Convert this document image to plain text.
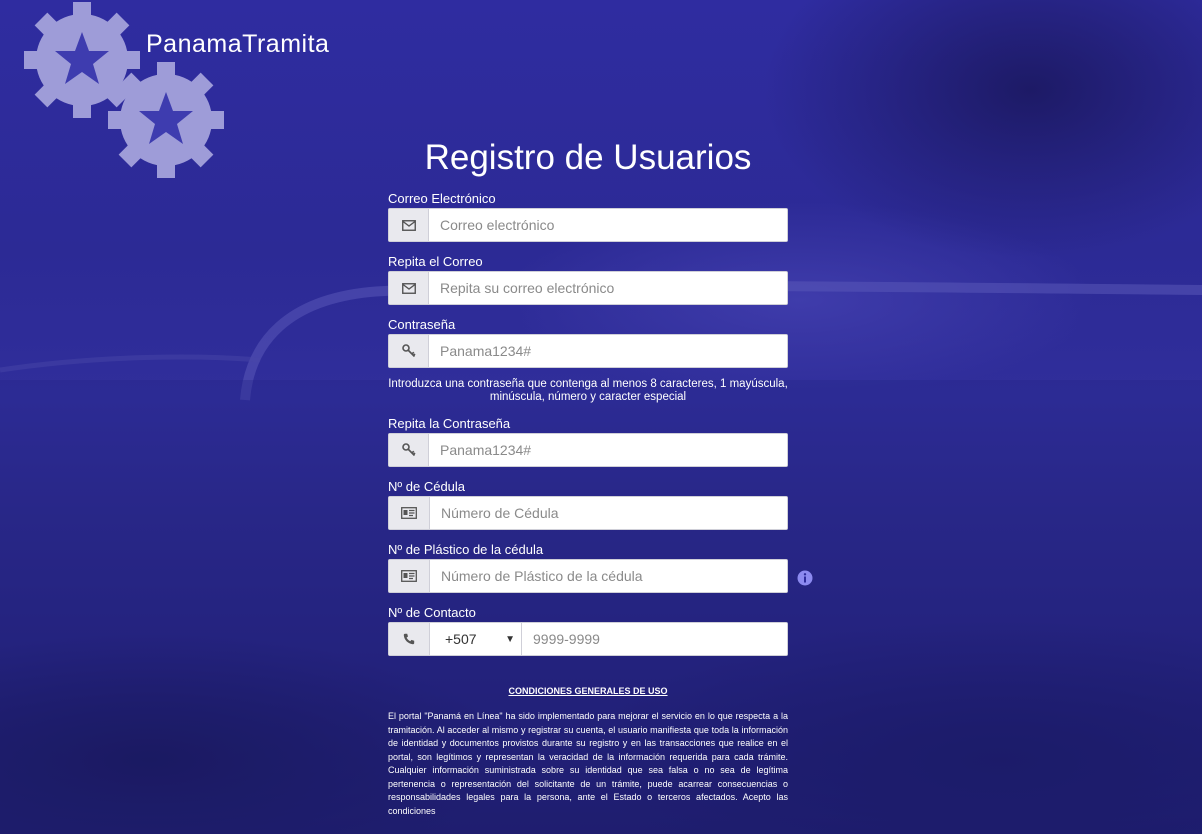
PanamaTramita
Registro de Usuarios
Correo Electrónico
Correo electrónico
Repita el Correo
Repita su correo electrónico
Contraseña
Introduzca una contraseña que contenga al menos 8 caracteres, 1 mayúscula, minúscula, número y caracter especial
Repita la Contraseña
Nº de Cédula
Número de Cédula
Nº de Plástico de la cédula
Número de Plástico de la cédula
Nº de Contacto
+507	▼
9999-9999
CONDICIONES GENERALES DE USO
El portal "Panamá en Línea" ha sido implementado para mejorar el servicio en lo que respecta a la tramitación. Al acceder al mismo y registrar su cuenta, el usuario manifiesta que toda la información de identidad y documentos provistos durante su registro y en las transacciones que realice en el portal, son legítimos y representan la veracidad de la información requerida para cada trámite. Cualquier información suministrada sobre su identidad que sea falsa o no sea de legítima pertenencia o representación del solicitante de un trámite, puede acarrear consecuencias o responsabilidades legales para la persona, ante el Estado o terceros afectados. Acepto las condiciones
